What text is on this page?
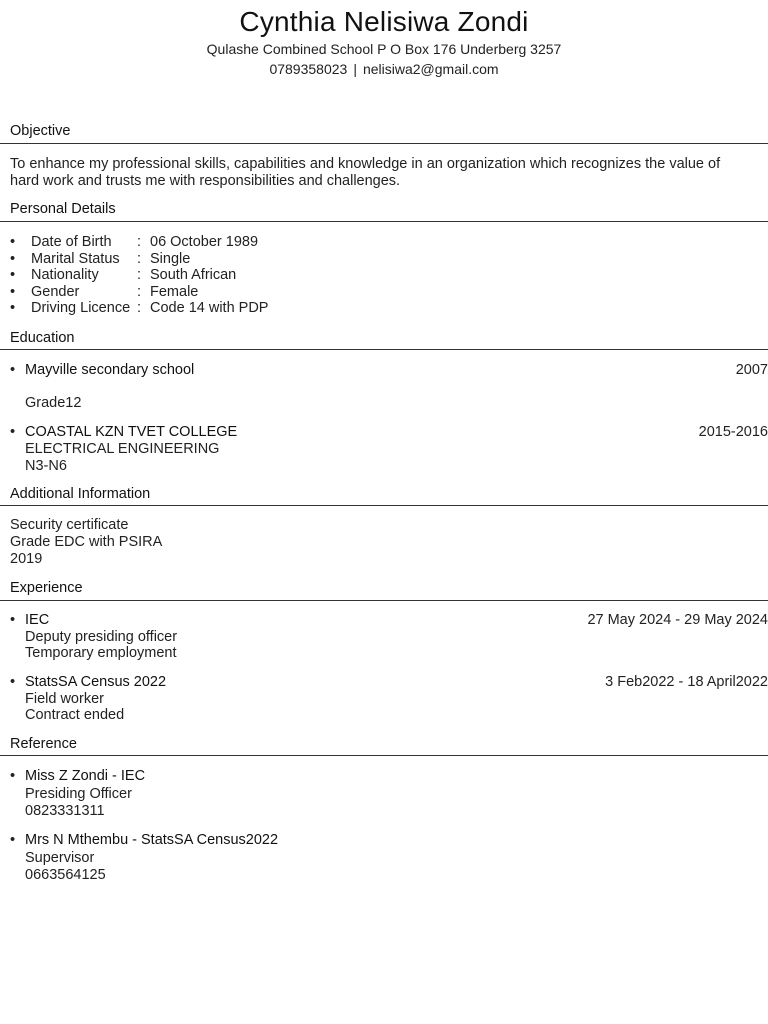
Cynthia Nelisiwa Zondi
Qulashe Combined School P O Box 176 Underberg 3257
0789358023 | nelisiwa2@gmail.com
Objective
To enhance my professional skills, capabilities and knowledge in an organization which recognizes the value of hard work and trusts me with responsibilities and challenges.
Personal Details
• Date of Birth	: 06 October 1989
• Marital Status	: Single
• Nationality	: South African
• Gender	: Female
• Driving Licence : Code 14 with PDP
Education
• Mayville secondary school	2007
Grade12
• COASTAL KZN TVET COLLEGE	2015-2016
ELECTRICAL ENGINEERING
N3-N6
Additional Information
Security certificate
Grade EDC with PSIRA
2019
Experience
• IEC	27 May 2024 - 29 May 2024
Deputy presiding officer
Temporary employment
• StatsSA Census 2022	3 Feb2022 - 18 April2022
Field worker
Contract ended
Reference
• Miss Z Zondi - IEC
Presiding Officer
0823331311
• Mrs N Mthembu - StatsSA Census2022
Supervisor
0663564125
